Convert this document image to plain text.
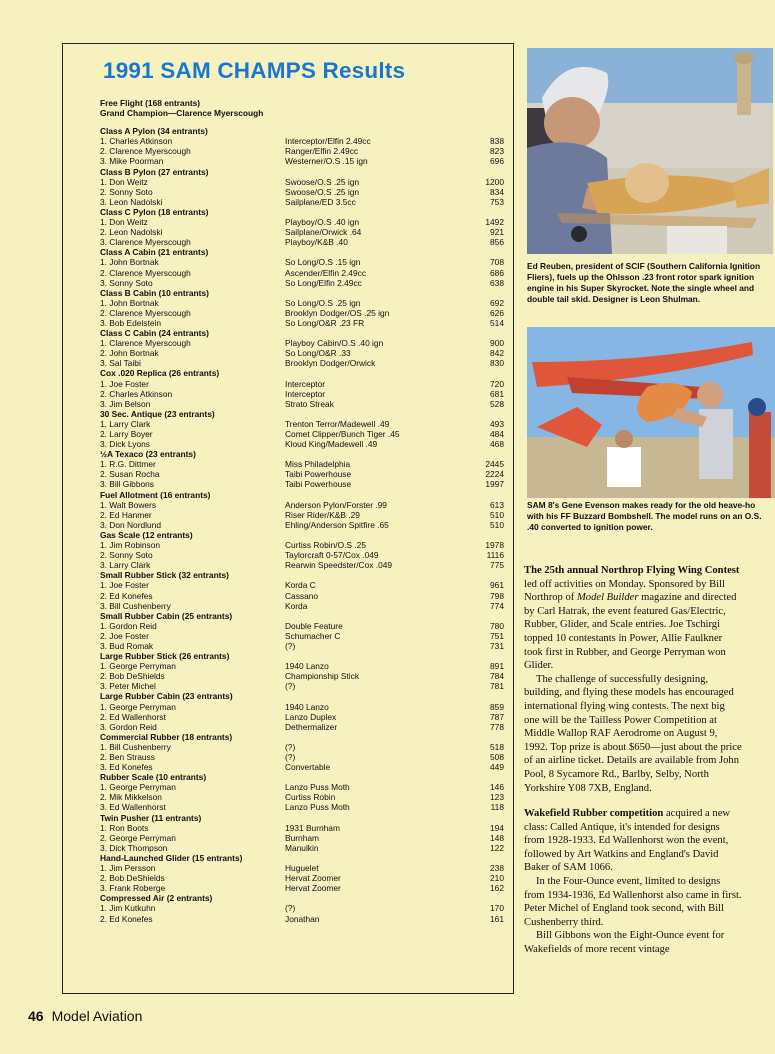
1991 SAM CHAMPS Results
Free Flight (168 entrants)
Grand Champion—Clarence Myerscough
Class A Pylon (34 entrants)
1. Charles Atkinson	Interceptor/Elfin 2.49cc	838
2. Clarence Myerscough	Ranger/Elfin 2.49cc	823
3. Mike Poorman	Westerner/O.S .15 ign	696
Class B Pylon (27 entrants)
1. Don Weitz	Swoose/O.S .25 ign	1200
2. Sonny Soto	Swoose/O.S .25 ign	834
3. Leon Nadolski	Sailplane/ED 3.5cc	753
Class C Pylon (18 entrants)
1. Don Weitz	Playboy/O.S .40 ign	1492
2. Leon Nadolski	Sailplane/Orwick .64	921
3. Clarence Myerscough	Playboy/K&B .40	856
Class A Cabin (21 entrants)
1. John Bortnak	So Long/O.S .15 ign	708
2. Clarence Myerscough	Ascender/Elfin 2.49cc	686
3. Sonny Soto	So Long/Elfin 2.49cc	638
Class B Cabin (10 entrants)
1. John Bortnak	So Long/O.S .25 ign	692
2. Clarence Myerscough	Brooklyn Dodger/OS .25 ign	626
3. Bob Edelstein	So Long/O&R .23 FR	514
Class C Cabin (24 entrants)
1. Clarence Myerscough	Playboy Cabin/O.S .40 ign	900
2. John Bortnak	So Long/O&R .33	842
3. Sal Taibi	Brooklyn Dodger/Orwick	830
Cox .020 Replica (26 entrants)
1. Joe Foster	Interceptor	720
2. Charles Atkinson	Interceptor	681
3. Jim Belson	Strato Streak	528
30 Sec. Antique (23 entrants)
1. Larry Clark	Trenton Terror/Madewell .49	493
2. Larry Boyer	Comet Clipper/Bunch Tiger .45	484
3. Dick Lyons	Kloud King/Madewell .49	468
½A Texaco (23 entrants)
1. R.G. Dittmer	Miss Philadelphia	2445
2. Susan Rocha	Taibi Powerhouse	2224
3. Bill Gibbons	Taibi Powerhouse	1997
Fuel Allotment (16 entrants)
1. Walt Bowers	Anderson Pylon/Forster .99	613
2. Ed Hanmer	Riser Rider/K&B .29	510
3. Don Nordlund	Ehling/Anderson Spitfire .65	510
Gas Scale (12 entrants)
1. Jim Robinson	Curtiss Robin/O.S .25	1978
2. Sonny Soto	Taylorcraft 0-57/Cox .049	1116
3. Larry Clark	Rearwin Speedster/Cox .049	775
Small Rubber Stick (32 entrants)
1. Joe Foster	Korda C	961
2. Ed Konefes	Cassano	798
3. Bill Cushenberry	Korda	774
Small Rubber Cabin (25 entrants)
1. Gordon Reid	Double Feature	780
2. Joe Foster	Schumacher C	751
3. Bud Romak	(?)	731
Large Rubber Stick (26 entrants)
1. George Perryman	1940 Lanzo	891
2. Bob DeShields	Championship Stick	784
3. Peter Michel	(?)	781
Large Rubber Cabin (23 entrants)
1. George Perryman	1940 Lanzo	859
2. Ed Wallenhorst	Lanzo Duplex	787
3. Gordon Reid	Dethermalizer	778
Commercial Rubber (18 entrants)
1. Bill Cushenberry	(?)	518
2. Ben Strauss	(?)	508
3. Ed Konefes	Convertable	449
Rubber Scale (10 entrants)
1. George Perryman	Lanzo Puss Moth	146
2. Mik Mikkelson	Curtiss Robin	123
3. Ed Wallenhorst	Lanzo Puss Moth	118
Twin Pusher (11 entrants)
1. Ron Boots	1931 Burnham	194
2. George Perryman	Burnham	148
3. Dick Thompson	Manulkin	122
Hand-Launched Glider (15 entrants)
1. Jim Persson	Huguelet	238
2. Bob DeShields	Hervat Zoomer	210
3. Frank Roberge	Hervat Zoomer	162
Compressed Air (2 entrants)
1. Jim Kutkuhn	(?)	170
2. Ed Konefes	Jonathan	161
Ed Reuben, president of SCIF (Southern California Ignition Fliers), fuels up the Ohlsson .23 front rotor spark ignition engine in his Super Skyrocket. Note the single wheel and double tail skid. Designer is Leon Shulman.
SAM 8's Gene Evenson makes ready for the old heave-ho with his FF Buzzard Bombshell. The model runs on an O.S. .40 converted to ignition power.

The 25th annual Northrop Flying Wing Contest led off activities on Monday. Sponsored by Bill Northrop of Model Builder magazine and directed by Carl Hatrak, the event featured Gas/Electric, Rubber, Glider, and Scale entries. Joe Tschirgi topped 10 contestants in Power, Allie Faulkner took first in Rubber, and George Perryman won Glider.

The challenge of successfully designing, building, and flying these models has encouraged international flying wing contests. The next big one will be the Tailless Power Competition at Middle Wallop RAF Aerodrome on August 9, 1992. Top prize is about $650—just about the price of an airline ticket. Details are available from John Pool, 8 Sycamore Rd., Barlby, Selby, North Yorkshire Y08 7XB, England.

Wakefield Rubber competition acquired a new class: Called Antique, it's intended for designs from 1928-1933. Ed Wallenhorst won the event, followed by Art Watkins and England's David Baker of SAM 1066.

In the Four-Ounce event, limited to designs from 1934-1936, Ed Wallenhorst also came in first. Peter Michel of England took second, with Bill Cushenberry third.

Bill Gibbons won the Eight-Ounce event for Wakefields of more recent vintage

46 Model Aviation
